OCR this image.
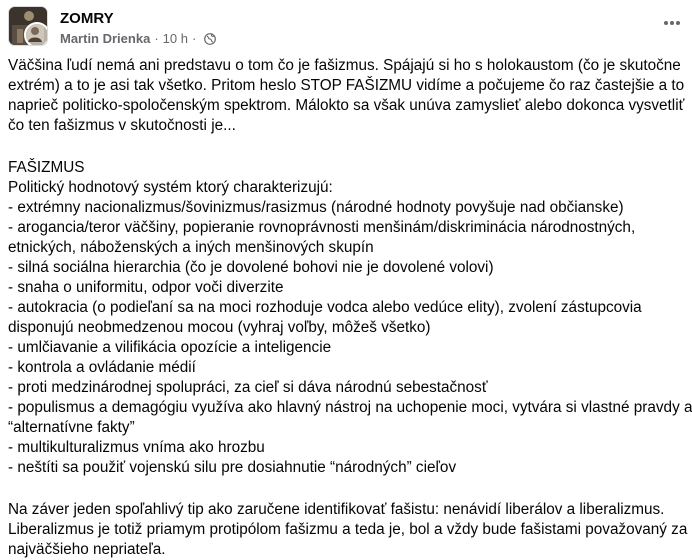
ZOMRY
Martin Drienka · 10 h ·
Väčšina ľudí nemá ani predstavu o tom čo je fašizmus. Spájajú si ho s holokaustom (čo je skutočne
extrém) a to je asi tak všetko. Pritom heslo STOP FAŠIZMU vidíme a počujeme čo raz častejšie a to
naprieč politicko-spoločenským spektrom. Málokto sa však unúva zamyslieť alebo dokonca vysvetliť
čo ten fašizmus v skutočnosti je...
FAŠIZMUS
Politický hodnotový systém ktorý charakterizujú:
- extrémny nacionalizmus/šovinizmus/rasizmus (národné hodnoty povyšuje nad občianske)
- arogancia/teror väčšiny, popieranie rovnoprávnosti menšinám/diskriminácia národnostných,
etnických, náboženských a iných menšinových skupín
- silná sociálna hierarchia (čo je dovolené bohovi nie je dovolené volovi)
- snaha o uniformitu, odpor voči diverzite
- autokracia (o podieľaní sa na moci rozhoduje vodca alebo vedúce elity), zvolení zástupcovia
disponujú neobmedzenou mocou (vyhraj voľby, môžeš všetko)
- umlčiavanie a vilifikácia opozície a inteligencie
- kontrola a ovládanie médií
- proti medzinárodnej spolupráci, za cieľ si dáva národnú sebestačnosť
- populismus a demagógiu využíva ako hlavný nástroj na uchopenie moci, vytvára si vlastné pravdy a
“alternatívne fakty”
- multikulturalizmus vníma ako hrozbu
- neštíti sa použiť vojenskú silu pre dosiahnutie “národných” cieľov
Na záver jeden spoľahlivý tip ako zaručene identifikovať fašistu: nenávidí liberálov a liberalizmus.
Liberalizmus je totiž priamym protipólom fašizmu a teda je, bol a vždy bude fašistami považovaný za
najväčšieho nepriateľa.
